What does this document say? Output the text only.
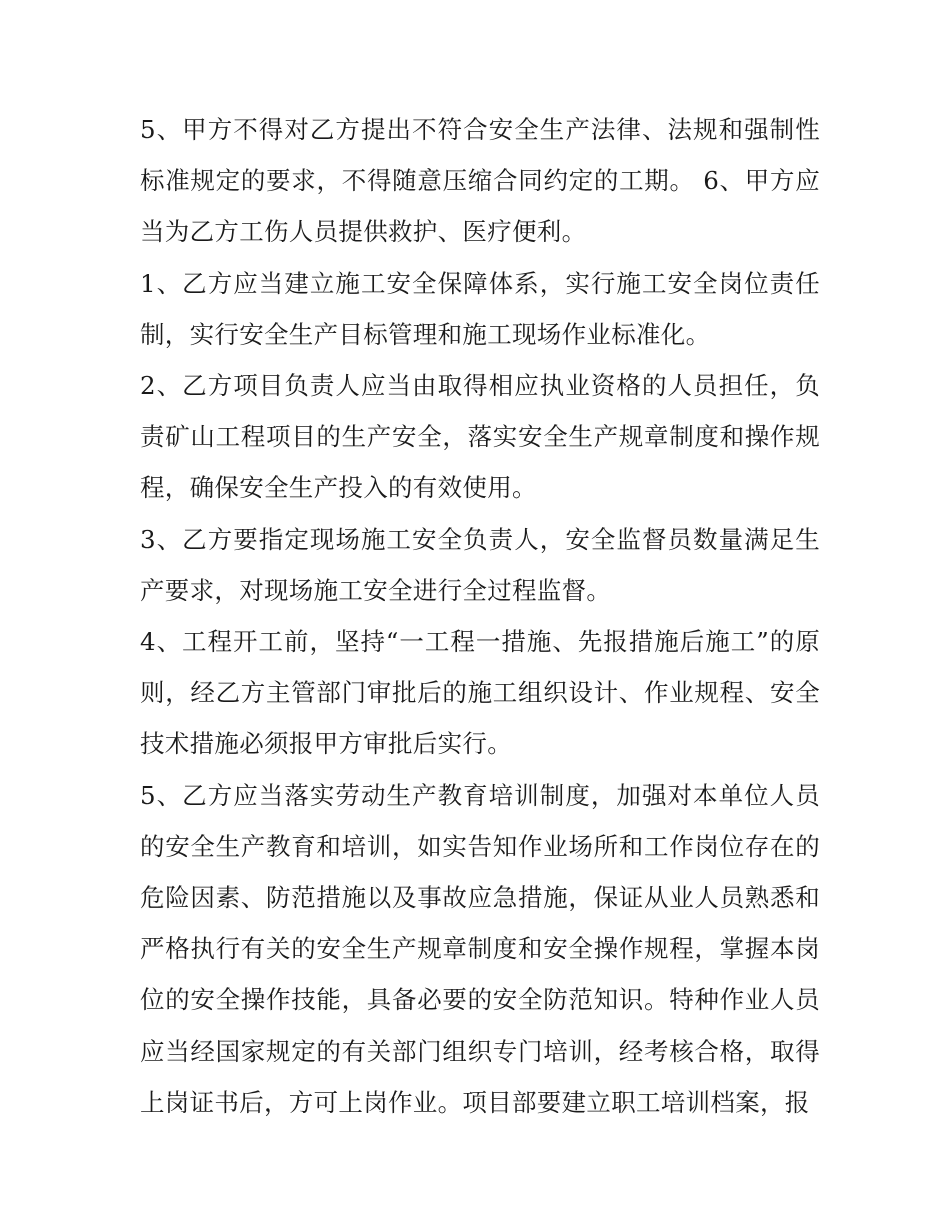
5、甲方不得对乙方提出不符合安全生产法律、法规和强制性标准规定的要求，不得随意压缩合同约定的工期。 6、甲方应当为乙方工伤人员提供救护、医疗便利。

1、乙方应当建立施工安全保障体系，实行施工安全岗位责任制，实行安全生产目标管理和施工现场作业标准化。

2、乙方项目负责人应当由取得相应执业资格的人员担任，负责矿山工程项目的生产安全，落实安全生产规章制度和操作规程，确保安全生产投入的有效使用。

3、乙方要指定现场施工安全负责人，安全监督员数量满足生产要求，对现场施工安全进行全过程监督。

4、工程开工前，坚持“一工程一措施、先报措施后施工”的原则，经乙方主管部门审批后的施工组织设计、作业规程、安全技术措施必须报甲方审批后实行。

5、乙方应当落实劳动生产教育培训制度，加强对本单位人员的安全生产教育和培训，如实告知作业场所和工作岗位存在的危险因素、防范措施以及事故应急措施，保证从业人员熟悉和严格执行有关的安全生产规章制度和安全操作规程，掌握本岗位的安全操作技能，具备必要的安全防范知识。特种作业人员应当经国家规定的有关部门组织专门培训，经考核合格，取得上岗证书后，方可上岗作业。项目部要建立职工培训档案，报
